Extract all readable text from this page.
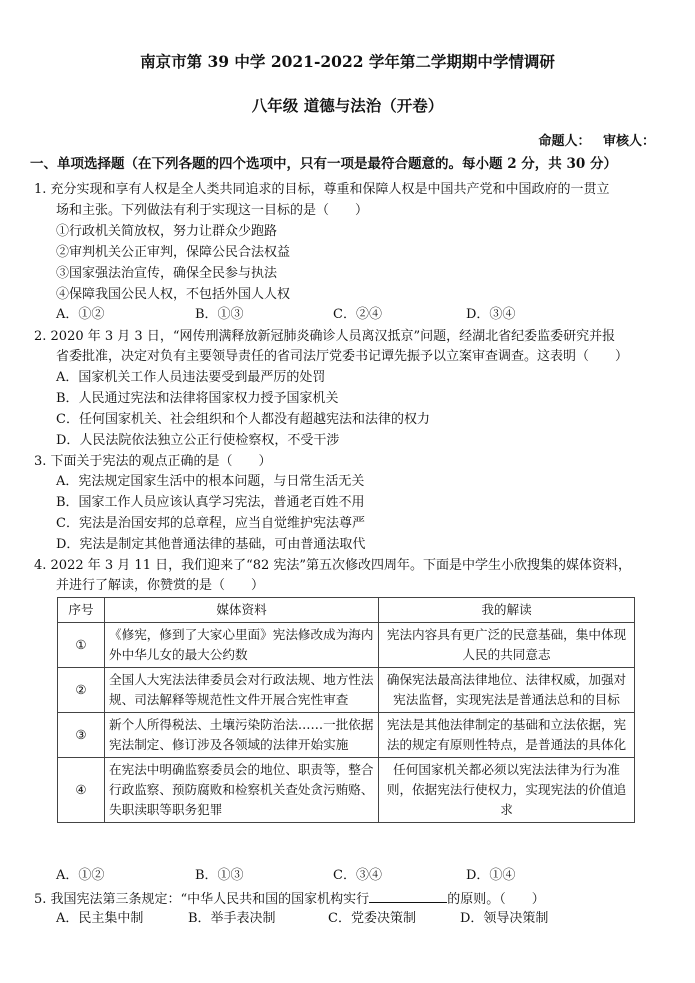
南京市第 39 中学 2021-2022 学年第二学期期中学情调研
八年级 道德与法治（开卷）
命题人： 审核人：
一、单项选择题（在下列各题的四个选项中，只有一项是最符合题意的。每小题 2 分，共 30 分）
1. 充分实现和享有人权是全人类共同追求的目标，尊重和保障人权是中国共产党和中国政府的一贯立
场和主张。下列做法有利于实现这一目标的是（　　）
①行政机关简放权，努力让群众少跑路
②审判机关公正审判，保障公民合法权益
③国家强法治宣传，确保全民参与执法
④保障我国公民人权，不包括外国人人权
A．①②	B．①③	C．②④	D．③④
2. 2020 年 3 月 3 日，“网传刑满释放新冠肺炎确诊人员离汉抵京”问题，经湖北省纪委监委研究并报
省委批准，决定对负有主要领导责任的省司法厅党委书记谭先振予以立案审查调查。这表明（　　）
A．国家机关工作人员违法要受到最严厉的处罚
B．人民通过宪法和法律将国家权力授予国家机关
C．任何国家机关、社会组织和个人都没有超越宪法和法律的权力
D．人民法院依法独立公正行使检察权，不受干涉
3. 下面关于宪法的观点正确的是（　　）
A．宪法规定国家生活中的根本问题，与日常生活无关
B．国家工作人员应该认真学习宪法，普通老百姓不用
C．宪法是治国安邦的总章程，应当自觉维护宪法尊严
D．宪法是制定其他普通法律的基础，可由普通法取代
4. 2022 年 3 月 11 日，我们迎来了“82 宪法”第五次修改四周年。下面是中学生小欣搜集的媒体资料，
并进行了解读，你赞赏的是（　　）
序号	媒体资料	我的解读
①	《修宪，修到了大家心里面》宪法修改成为海内外中华儿女的最大公约数	宪法内容具有更广泛的民意基础，集中体现人民的共同意志
②	全国人大宪法法律委员会对行政法规、地方性法规、司法解释等规范性文件开展合宪性审查	确保宪法最高法律地位、法律权威，加强对宪法监督，实现宪法是普通法总和的目标
③	新个人所得税法、土壤污染防治法……一批依据宪法制定、修订涉及各领域的法律开始实施	宪法是其他法律制定的基础和立法依据，宪法的规定有原则性特点，是普通法的具体化
④	在宪法中明确监察委员会的地位、职责等，整合行政监察、预防腐败和检察机关查处贪污贿赂、失职渎职等职务犯罪	任何国家机关都必须以宪法法律为行为准则，依据宪法行使权力，实现宪法的价值追求
A．①②	B．①③	C．③④	D．①④
5. 我国宪法第三条规定：“中华人民共和国的国家机构实行	的原则。（　　）
A．民主集中制	B．举手表决制	C．党委决策制	D．领导决策制
